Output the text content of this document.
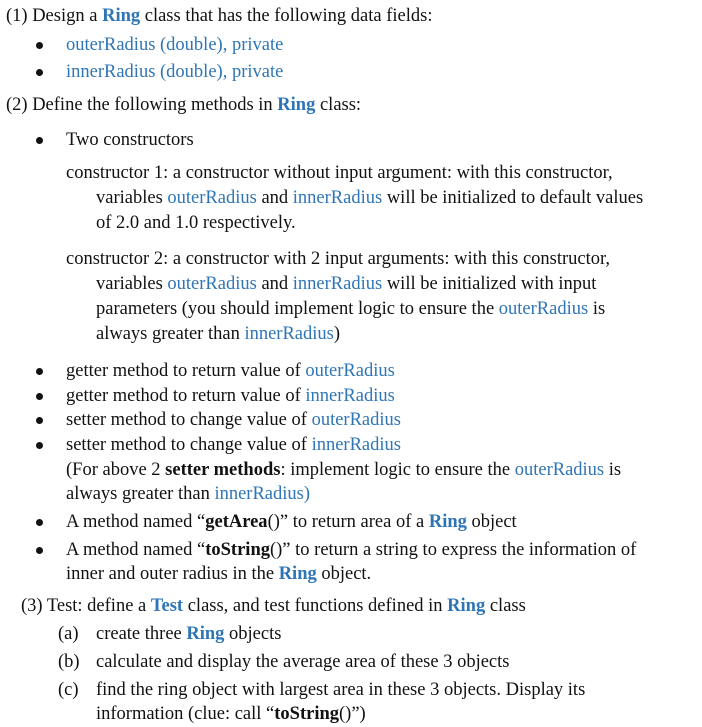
(1) Design a Ring class that has the following data fields:
outerRadius (double), private
innerRadius (double), private
(2) Define the following methods in Ring class:
Two constructors
constructor 1: a constructor without input argument: with this constructor,
variables outerRadius and innerRadius will be initialized to default values
of 2.0 and 1.0 respectively.
constructor 2: a constructor with 2 input arguments: with this constructor,
variables outerRadius and innerRadius will be initialized with input
parameters (you should implement logic to ensure the outerRadius is
always greater than innerRadius)
getter method to return value of outerRadius
getter method to return value of innerRadius
setter method to change value of outerRadius
setter method to change value of innerRadius
(For above 2 setter methods: implement logic to ensure the outerRadius is
always greater than innerRadius)
A method named “getArea()” to return area of a Ring object
A method named “toString()” to return a string to express the information of
inner and outer radius in the Ring object.
(3) Test: define a Test class, and test functions defined in Ring class
(a) create three Ring objects
(b) calculate and display the average area of these 3 objects
(c) find the ring object with largest area in these 3 objects. Display its
information (clue: call “toString()”)
